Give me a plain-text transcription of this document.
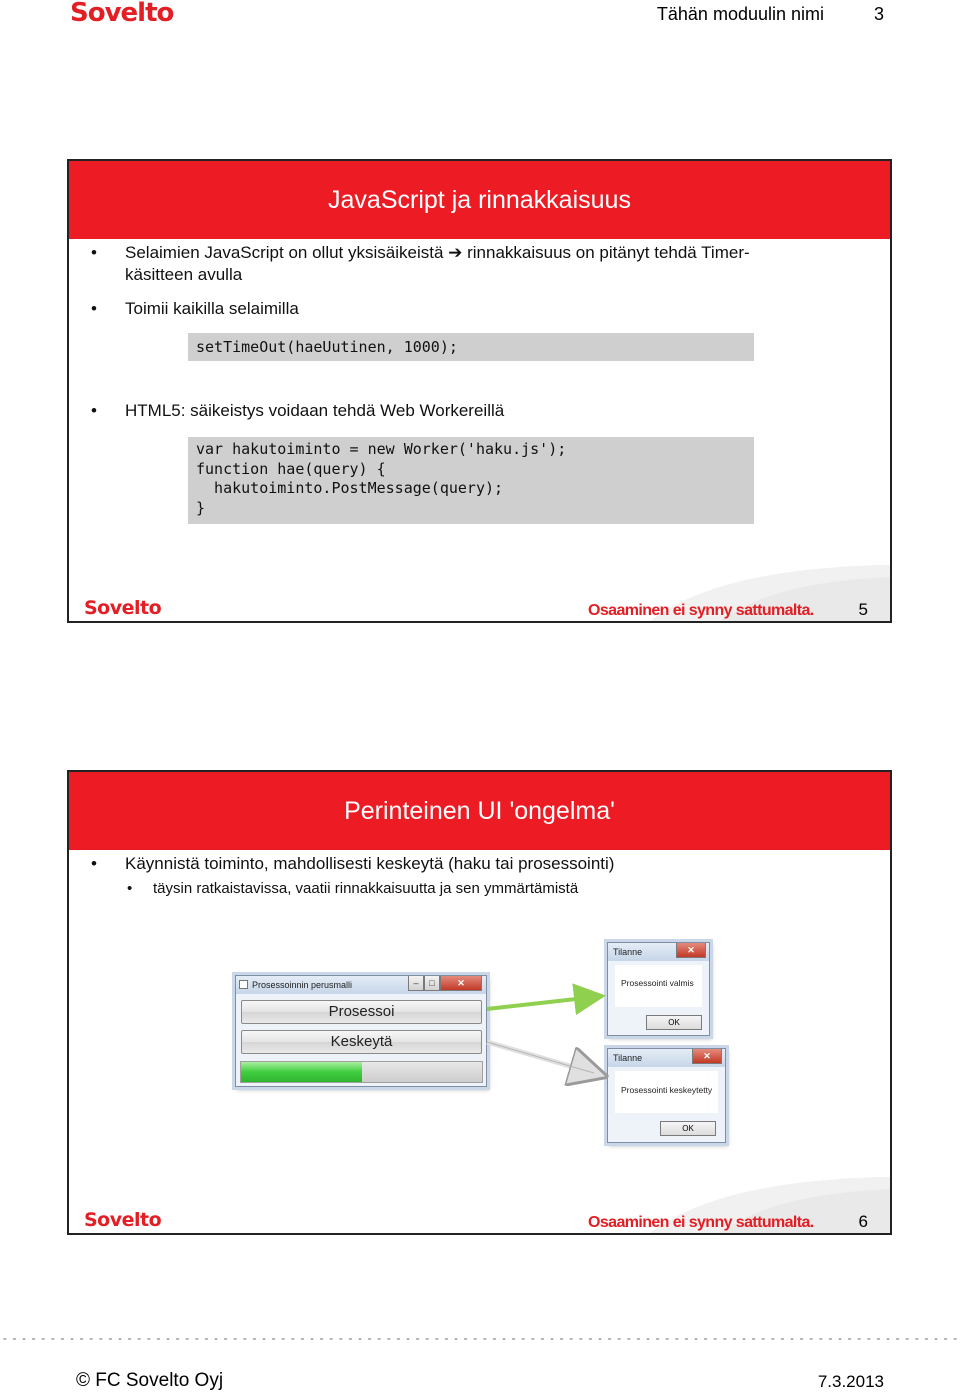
Sovelto	Tähän moduulin nimi	3
JavaScript ja rinnakkaisuus
• Selaimien JavaScript on ollut yksisäikeistä ➔ rinnakkaisuus on pitänyt tehdä Timer-
käsitteen avulla
• Toimii kaikilla selaimilla
setTimeOut(haeUutinen, 1000);
• HTML5: säikeistys voidaan tehdä Web Workereillä
var hakutoiminto = new Worker('haku.js');
function hae(query) {
hakutoiminto.PostMessage(query);
}
Sovelto	Osaaminen ei synny sattumalta.	5
Perinteinen UI 'ongelma'
• Käynnistä toiminto, mahdollisesti keskeytä (haku tai prosessointi)
• täysin ratkaistavissa, vaatii rinnakkaisuutta ja sen ymmärtämistä
Prosessoinnin perusmalli	–	□	✕
Prosessoi
Keskeytä
Tilanne	✕
Prosessointi valmis
OK
Tilanne	✕
Prosessointi keskeytetty
OK
Sovelto	Osaaminen ei synny sattumalta.	6
© FC Sovelto Oyj	7.3.2013
